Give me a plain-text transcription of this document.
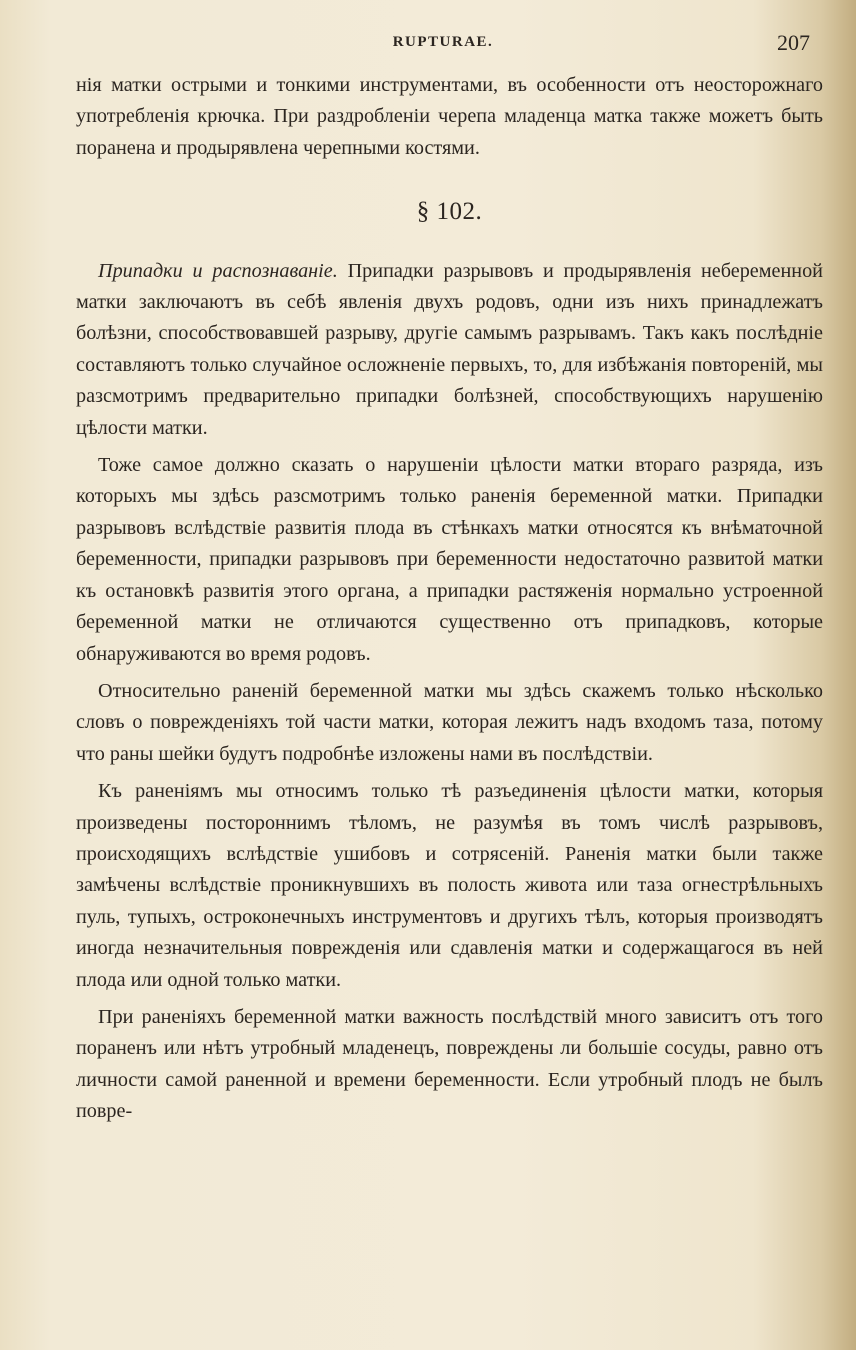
RUPTURAE.	207

нія матки острыми и тонкими инструментами, въ особенности отъ неосторожнаго употребленія крючка. При раздробленіи черепа младенца матка также можетъ быть поранена и продырявлена черепными костями.

§ 102.

Припадки и распознаванiе. Припадки разрывовъ и продырявленія небеременной матки заключаютъ въ себѣ явленія двухъ родовъ, одни изъ нихъ принадлежатъ болѣзни, способствовавшей разрыву, другіе самымъ разрывамъ. Такъ какъ послѣдніе составляютъ только случайное осложненіе первыхъ, то, для избѣжанія повтореній, мы разсмотримъ предварительно припадки болѣзней, способствующихъ нарушенію цѣлости матки.

Тоже самое должно сказать о нарушеніи цѣлости матки втораго разряда, изъ которыхъ мы здѣсь разсмотримъ только раненія беременной матки. Припадки разрывовъ вслѣдствіе развитія плода въ стѣнкахъ матки относятся къ внѣматочной беременности, припадки разрывовъ при беременности недостаточно развитой матки къ остановкѣ развитія этого органа, а припадки растяженія нормально устроенной беременной матки не отличаются существенно отъ припадковъ, которые обнаруживаются во время родовъ.

Относительно раненій беременной матки мы здѣсь скажемъ только нѣсколько словъ о поврежденіяхъ той части матки, которая лежитъ надъ входомъ таза, потому что раны шейки будутъ подробнѣе изложены нами въ послѣдствіи.

Къ раненіямъ мы относимъ только тѣ разъединенія цѣлости матки, которыя произведены постороннимъ тѣломъ, не разумѣя въ томъ числѣ разрывовъ, происходящихъ вслѣдствіе ушибовъ и сотрясеній. Раненія матки были также замѣчены вслѣдствіе проникнувшихъ въ полость живота или таза огнестрѣльныхъ пуль, тупыхъ, остроконечныхъ инструментовъ и другихъ тѣлъ, которыя производятъ иногда незначительныя поврежденія или сдавленія матки и содержащагося въ ней плода или одной только матки.

При раненіяхъ беременной матки важность послѣдствій много зависитъ отъ того пораненъ или нѣтъ утробный младенецъ, повреждены ли большіе сосуды, равно отъ личности самой раненной и времени беременности. Если утробный плодъ не былъ повре-
